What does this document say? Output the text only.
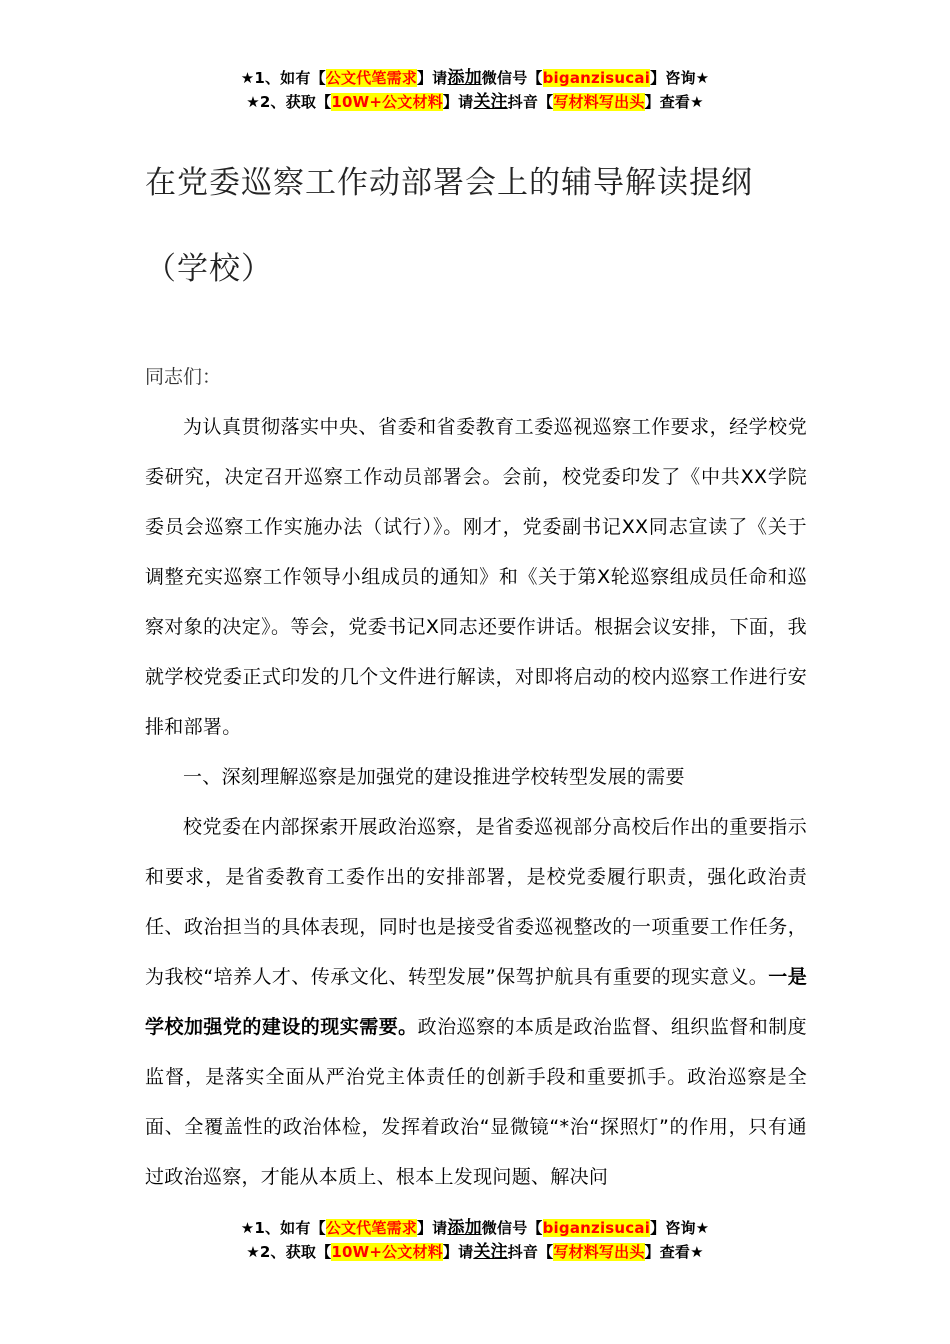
★1、如有【公文代笔需求】请添加微信号【biganzisucai】咨询★
★2、获取【10W+公文材料】请关注抖音【写材料写出头】查看★
在党委巡察工作动部署会上的辅导解读提纲（学校）
同志们：

为认真贯彻落实中央、省委和省委教育工委巡视巡察工作要求，经学校党委研究，决定召开巡察工作动员部署会。会前，校党委印发了《中共XX学院委员会巡察工作实施办法（试行）》。刚才，党委副书记XX同志宣读了《关于调整充实巡察工作领导小组成员的通知》和《关于第X轮巡察组成员任命和巡察对象的决定》。等会，党委书记X同志还要作讲话。根据会议安排，下面，我就学校党委正式印发的几个文件进行解读，对即将启动的校内巡察工作进行安排和部署。

一、深刻理解巡察是加强党的建设推进学校转型发展的需要

校党委在内部探索开展政治巡察，是省委巡视部分高校后作出的重要指示和要求，是省委教育工委作出的安排部署，是校党委履行职责，强化政治责任、政治担当的具体表现，同时也是接受省委巡视整改的一项重要工作任务，为我校“培养人才、传承文化、转型发展”保驾护航具有重要的现实意义。一是学校加强党的建设的现实需要。政治巡察的本质是政治监督、组织监督和制度监督，是落实全面从严治党主体责任的创新手段和重要抓手。政治巡察是全面、全覆盖性的政治体检，发挥着政治“显微镜“*治“探照灯”的作用，只有通过政治巡察，才能从本质上、根本上发现问题、解决问

★1、如有【公文代笔需求】请添加微信号【biganzisucai】咨询★
★2、获取【10W+公文材料】请关注抖音【写材料写出头】查看★
